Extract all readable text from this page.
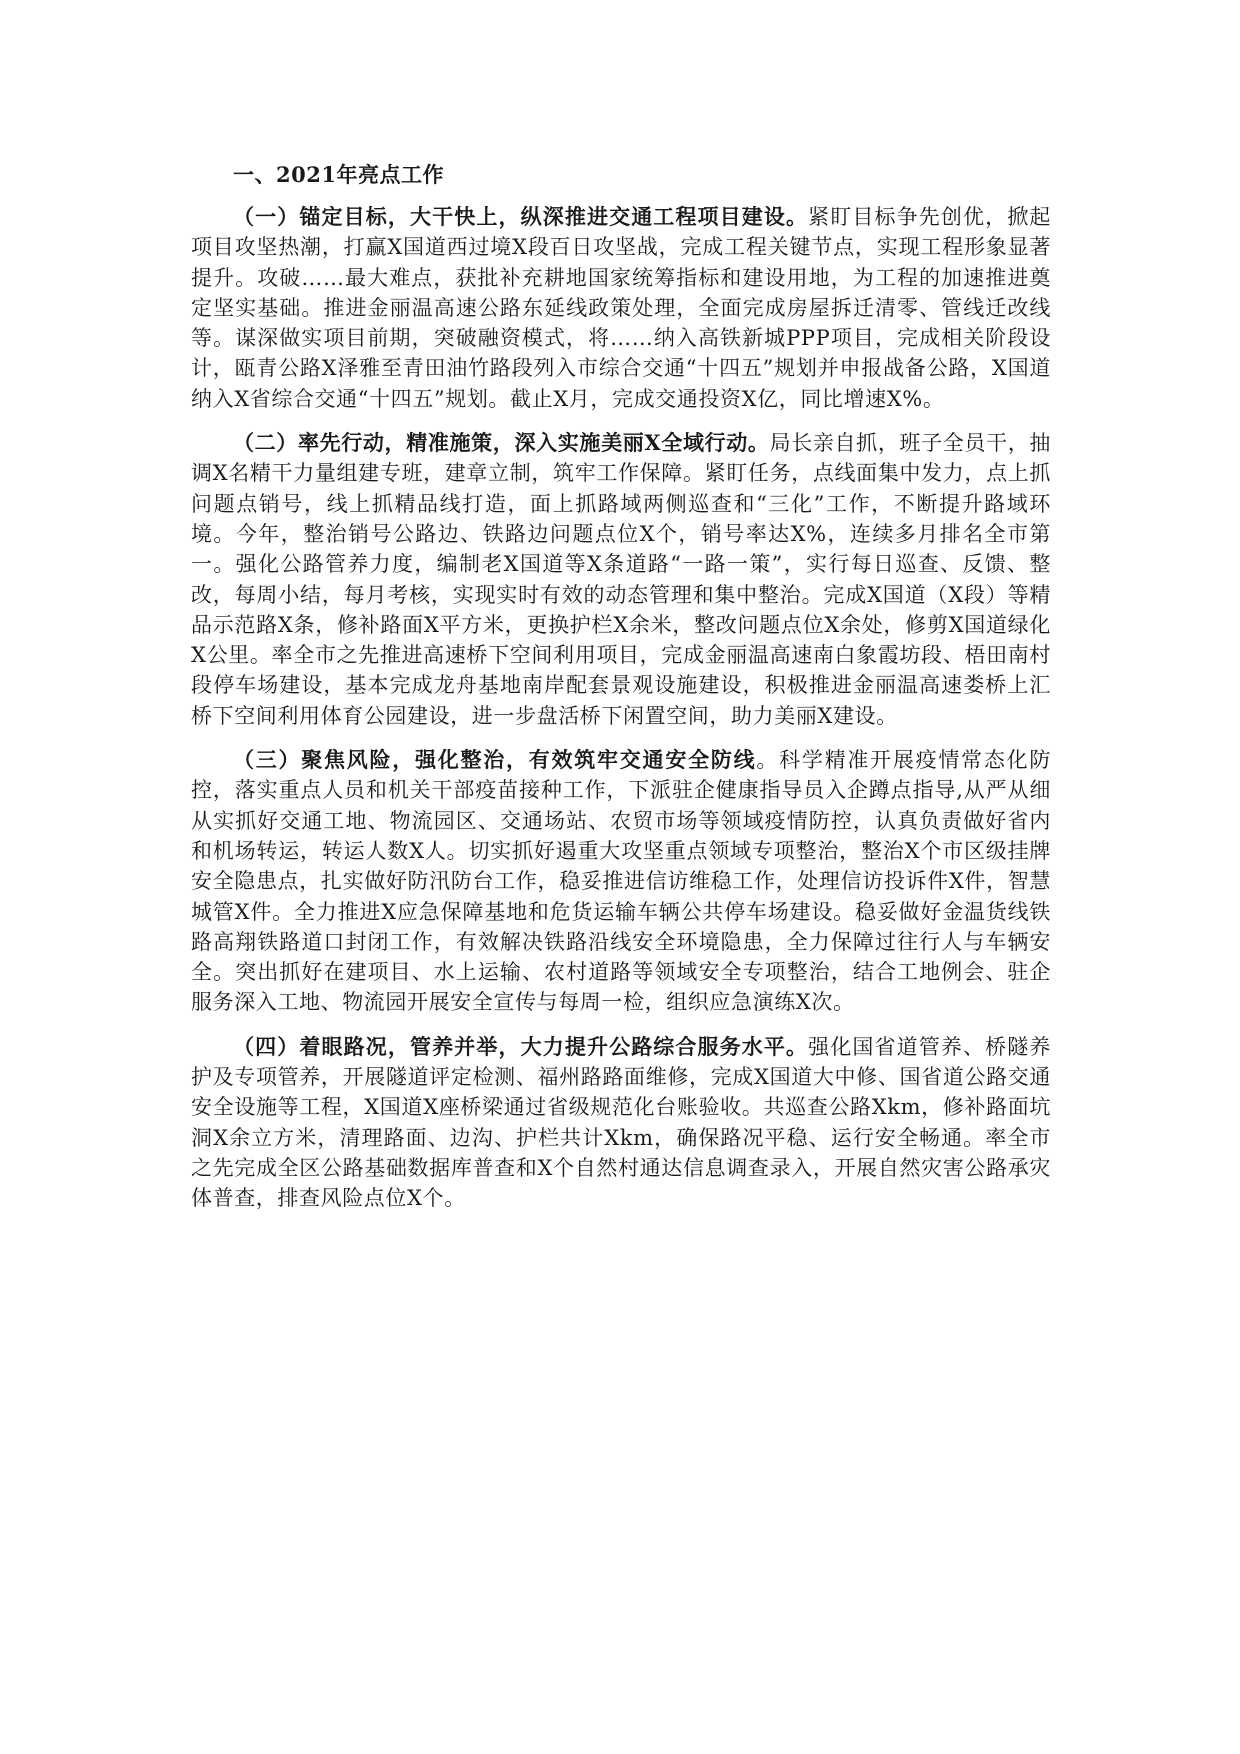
一、2021年亮点工作

（一）锚定目标，大干快上，纵深推进交通工程项目建设。紧盯目标争先创优，掀起项目攻坚热潮，打赢X国道西过境X段百日攻坚战，完成工程关键节点，实现工程形象显著提升。攻破……最大难点，获批补充耕地国家统筹指标和建设用地，为工程的加速推进奠定坚实基础。推进金丽温高速公路东延线政策处理，全面完成房屋拆迁清零、管线迁改线等。谋深做实项目前期，突破融资模式，将……纳入高铁新城PPP项目，完成相关阶段设计，瓯青公路X泽雅至青田油竹路段列入市综合交通“十四五”规划并申报战备公路，X国道纳入X省综合交通“十四五”规划。截止X月，完成交通投资X亿，同比增速X%。

（二）率先行动，精准施策，深入实施美丽X全域行动。局长亲自抓，班子全员干，抽调X名精干力量组建专班，建章立制，筑牢工作保障。紧盯任务，点线面集中发力，点上抓问题点销号，线上抓精品线打造，面上抓路域两侧巡查和“三化”工作，不断提升路域环境。今年，整治销号公路边、铁路边问题点位X个，销号率达X%，连续多月排名全市第一。强化公路管养力度，编制老X国道等X条道路“一路一策”，实行每日巡查、反馈、整改，每周小结，每月考核，实现实时有效的动态管理和集中整治。完成X国道（X段）等精品示范路X条，修补路面X平方米，更换护栏X余米，整改问题点位X余处，修剪X国道绿化X公里。率全市之先推进高速桥下空间利用项目，完成金丽温高速南白象霞坊段、梧田南村段停车场建设，基本完成龙舟基地南岸配套景观设施建设，积极推进金丽温高速娄桥上汇桥下空间利用体育公园建设，进一步盘活桥下闲置空间，助力美丽X建设。

（三）聚焦风险，强化整治，有效筑牢交通安全防线。科学精准开展疫情常态化防控，落实重点人员和机关干部疫苗接种工作，下派驻企健康指导员入企蹲点指导,从严从细从实抓好交通工地、物流园区、交通场站、农贸市场等领域疫情防控，认真负责做好省内和机场转运，转运人数X人。切实抓好遏重大攻坚重点领域专项整治，整治X个市区级挂牌安全隐患点，扎实做好防汛防台工作，稳妥推进信访维稳工作，处理信访投诉件X件，智慧城管X件。全力推进X应急保障基地和危货运输车辆公共停车场建设。稳妥做好金温货线铁路高翔铁路道口封闭工作，有效解决铁路沿线安全环境隐患，全力保障过往行人与车辆安全。突出抓好在建项目、水上运输、农村道路等领域安全专项整治，结合工地例会、驻企服务深入工地、物流园开展安全宣传与每周一检，组织应急演练X次。

（四）着眼路况，管养并举，大力提升公路综合服务水平。强化国省道管养、桥隧养护及专项管养，开展隧道评定检测、福州路路面维修，完成X国道大中修、国省道公路交通安全设施等工程，X国道X座桥梁通过省级规范化台账验收。共巡查公路Xkm，修补路面坑洞X余立方米，清理路面、边沟、护栏共计Xkm，确保路况平稳、运行安全畅通。率全市之先完成全区公路基础数据库普查和X个自然村通达信息调查录入，开展自然灾害公路承灾体普查，排查风险点位X个。
